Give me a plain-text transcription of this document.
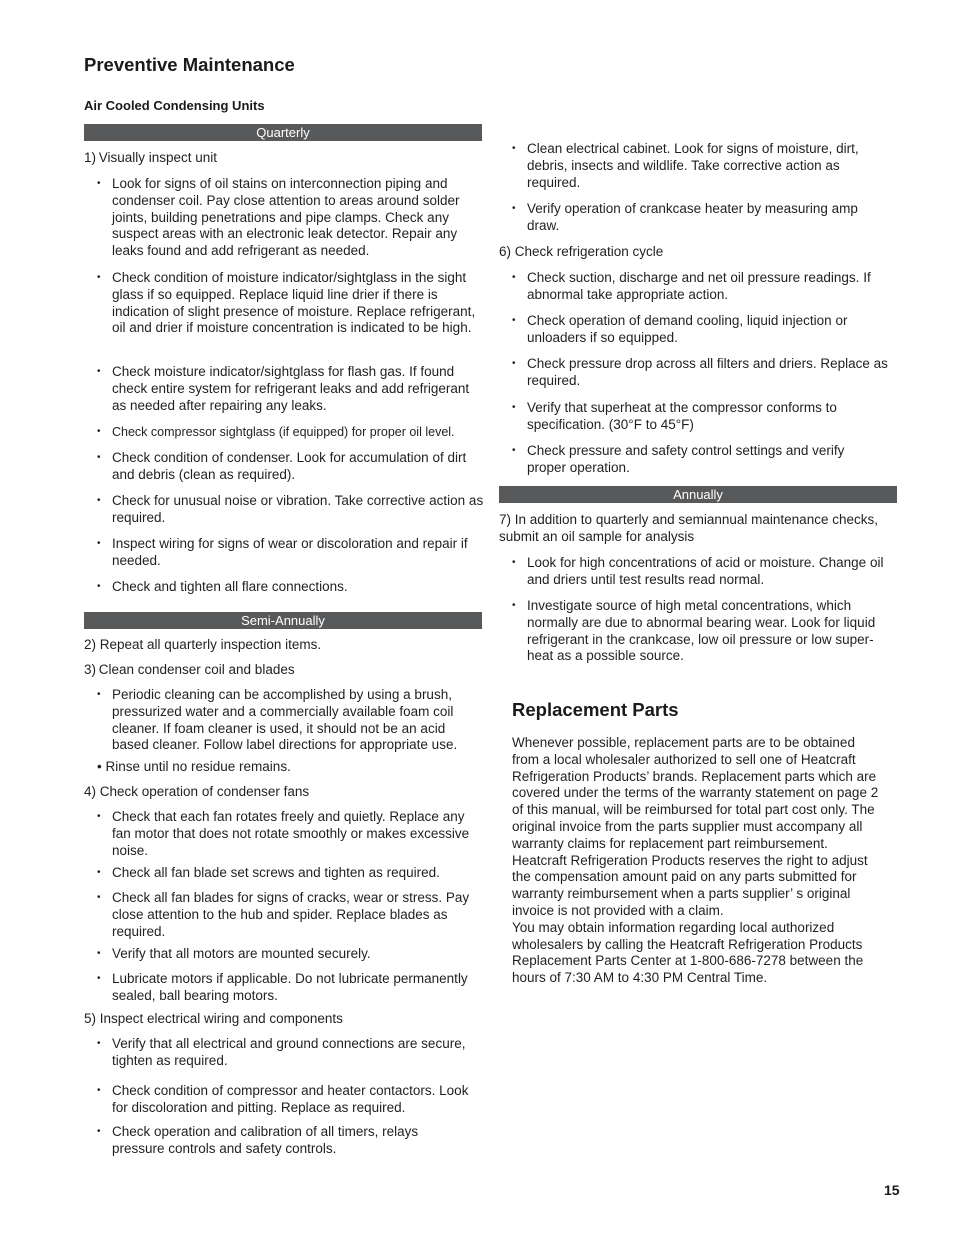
Preventive Maintenance
Air Cooled Condensing Units
Quarterly
1) Visually inspect unit
• Look for signs of oil stains on interconnection piping and condenser coil. Pay close attention to areas around solder joints, building penetrations and pipe clamps. Check any suspect areas with an electronic leak detector. Repair any leaks found and add refrigerant as needed.
• Check condition of moisture indicator/sightglass in the sight glass if so equipped. Replace liquid line drier if there is indication of slight presence of moisture. Replace refrigerant, oil and drier if moisture concentration is indicated to be high.
• Check moisture indicator/sightglass for flash gas. If found check entire system for refrigerant leaks and add refrigerant as needed after repairing any leaks.
• Check compressor sightglass (if equipped) for proper oil level.
• Check condition of condenser. Look for accumulation of dirt and debris (clean as required).
• Check for unusual noise or vibration. Take corrective action as required.
• Inspect wiring for signs of wear or discoloration and repair if needed.
• Check and tighten all flare connections.
Semi-Annually
2) Repeat all quarterly inspection items.
3) Clean condenser coil and blades
• Periodic cleaning can be accomplished by using a brush, pressurized water and a commercially available foam coil cleaner. If foam cleaner is used, it should not be an acid based cleaner. Follow label directions for appropriate use.
• Rinse until no residue remains.
4) Check operation of condenser fans
• Check that each fan rotates freely and quietly. Replace any fan motor that does not rotate smoothly or makes excessive noise.
• Check all fan blade set screws and tighten as required.
• Check all fan blades for signs of cracks, wear or stress. Pay close attention to the hub and spider. Replace blades as required.
• Verify that all motors are mounted securely.
• Lubricate motors if applicable. Do not lubricate permanently sealed, ball bearing motors.
5) Inspect electrical wiring and components
• Verify that all electrical and ground connections are secure, tighten as required.
• Check condition of compressor and heater contactors. Look for discoloration and pitting. Replace as required.
• Check operation and calibration of all timers, relays pressure controls and safety controls.
• Clean electrical cabinet. Look for signs of moisture, dirt, debris, insects and wildlife. Take corrective action as required.
• Verify operation of crankcase heater by measuring amp draw.
6) Check refrigeration cycle
• Check suction, discharge and net oil pressure readings. If abnormal take appropriate action.
• Check operation of demand cooling, liquid injection or unloaders if so equipped.
• Check pressure drop across all filters and driers. Replace as required.
• Verify that superheat at the compressor conforms to specification. (30°F to 45°F)
• Check pressure and safety control settings and verify proper operation.
Annually
7) In addition to quarterly and semiannual maintenance checks, submit an oil sample for analysis
• Look for high concentrations of acid or moisture. Change oil and driers until test results read normal.
• Investigate source of high metal concentrations, which normally are due to abnormal bearing wear. Look for liquid refrigerant in the crankcase, low oil pressure or low super-heat as a possible source.
Replacement Parts

Whenever possible, replacement parts are to be obtained from a local wholesaler authorized to sell one of Heatcraft Refrigeration Products’ brands. Replacement parts which are covered under the terms of the warranty statement on page 2 of this manual, will be reimbursed for total part cost only. The original invoice from the parts supplier must accompany all warranty claims for replacement part reimbursement. Heatcraft Refrigeration Products reserves the right to adjust the compensation amount paid on any parts submitted for warranty reimbursement when a parts supplier’ s original invoice is not provided with a claim.

You may obtain information regarding local authorized wholesalers by calling the Heatcraft Refrigeration Products Replacement Parts Center at 1-800-686-7278 between the hours of 7:30 AM to 4:30 PM Central Time.

15
